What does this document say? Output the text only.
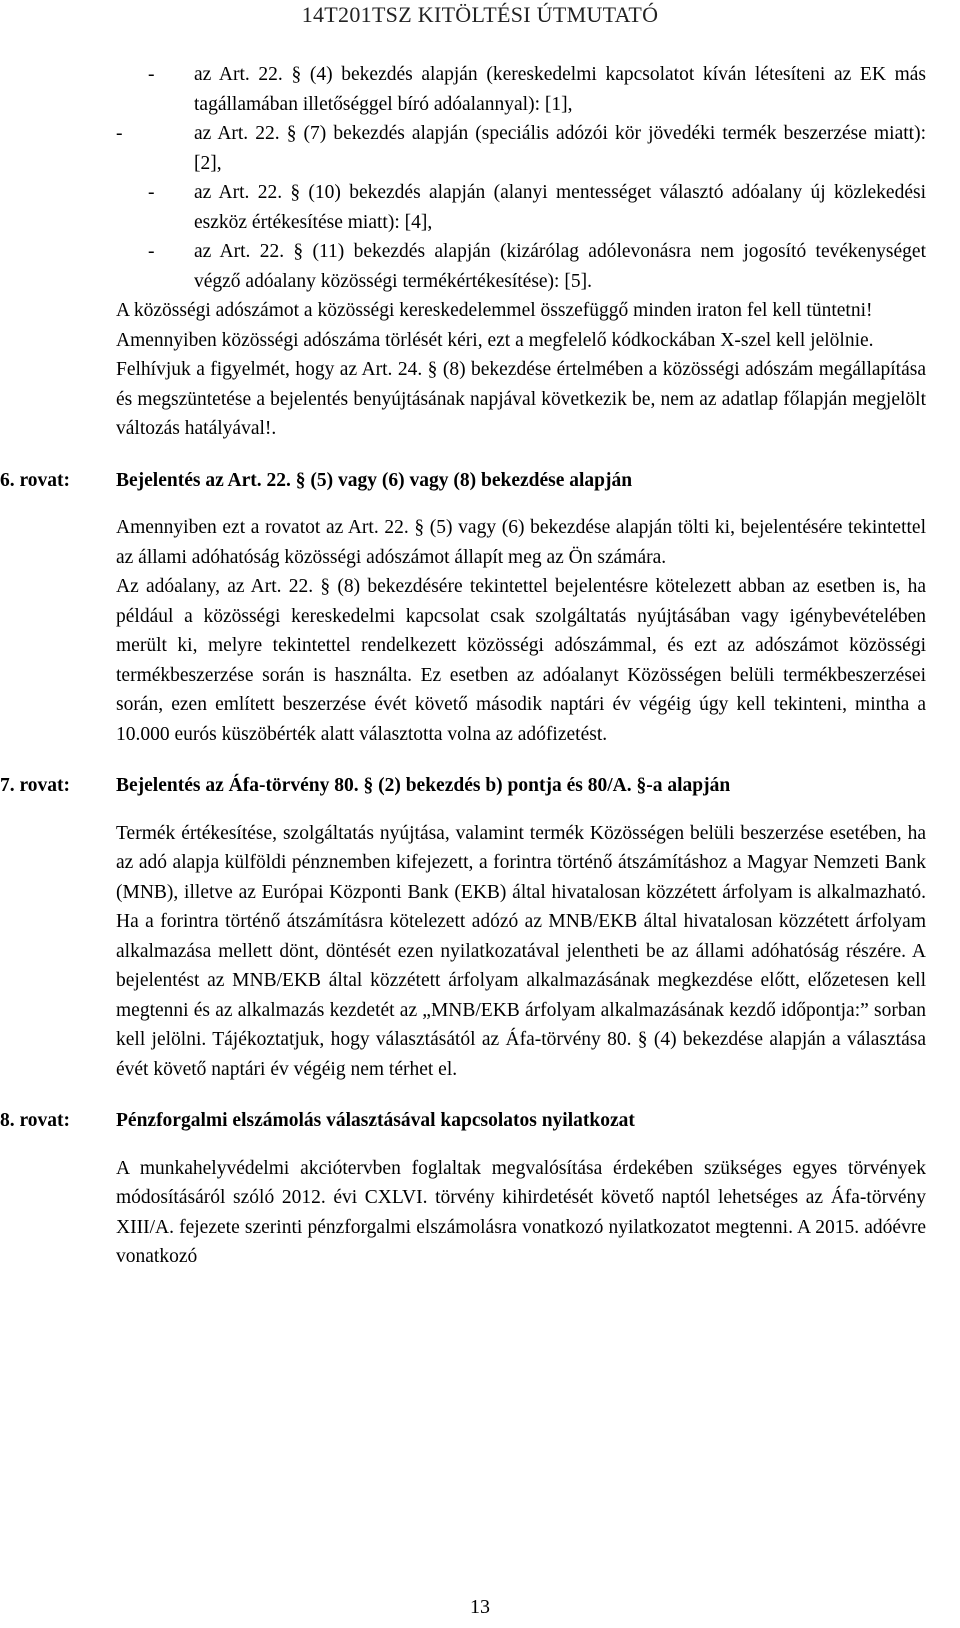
14T201TSZ KITÖLTÉSI ÚTMUTATÓ
- az Art. 22. § (4) bekezdés alapján (kereskedelmi kapcsolatot kíván létesíteni az EK más tagállamában illetőséggel bíró adóalannyal): [1],

-	az Art. 22. § (7) bekezdés alapján (speciális adózói kör jövedéki termék beszerzése miatt): [2],

- az Art. 22. § (10) bekezdés alapján (alanyi mentességet választó adóalany új közlekedési eszköz értékesítése miatt): [4],

- az Art. 22. § (11) bekezdés alapján (kizárólag adólevonásra nem jogosító tevékenységet végző adóalany közösségi termékértékesítése): [5].

A közösségi adószámot a közösségi kereskedelemmel összefüggő minden iraton fel kell tüntetni!

Amennyiben közösségi adószáma törlését kéri, ezt a megfelelő kódkockában X-szel kell jelölnie.

Felhívjuk a figyelmét, hogy az Art. 24. § (8) bekezdése értelmében a közösségi adószám megállapítása és megszüntetése a bejelentés benyújtásának napjával következik be, nem az adatlap főlapján megjelölt változás hatályával!.

6. rovat: Bejelentés az Art. 22. § (5) vagy (6) vagy (8) bekezdése alapján

Amennyiben ezt a rovatot az Art. 22. § (5) vagy (6) bekezdése alapján tölti ki, bejelentésére tekintettel az állami adóhatóság közösségi adószámot állapít meg az Ön számára.

Az adóalany, az Art. 22. § (8) bekezdésére tekintettel bejelentésre kötelezett abban az esetben is, ha például a közösségi kereskedelmi kapcsolat csak szolgáltatás nyújtásában vagy igénybevételében merült ki, melyre tekintettel rendelkezett közösségi adószámmal, és ezt az adószámot közösségi termékbeszerzése során is használta. Ez esetben az adóalanyt Közösségen belüli termékbeszerzései során, ezen említett beszerzése évét követő második naptári év végéig úgy kell tekinteni, mintha a 10.000 eurós küszöbérték alatt választotta volna az adófizetést.

7. rovat: Bejelentés az Áfa-törvény 80. § (2) bekezdés b) pontja és 80/A. §-a alapján

Termék értékesítése, szolgáltatás nyújtása, valamint termék Közösségen belüli beszerzése esetében, ha az adó alapja külföldi pénznemben kifejezett, a forintra történő átszámításhoz a Magyar Nemzeti Bank (MNB), illetve az Európai Központi Bank (EKB) által hivatalosan közzétett árfolyam is alkalmazható. Ha a forintra történő átszámításra kötelezett adózó az MNB/EKB által hivatalosan közzétett árfolyam alkalmazása mellett dönt, döntését ezen nyilatkozatával jelentheti be az állami adóhatóság részére. A bejelentést az MNB/EKB által közzétett árfolyam alkalmazásának megkezdése előtt, előzetesen kell megtenni és az alkalmazás kezdetét az „MNB/EKB árfolyam alkalmazásának kezdő időpontja:” sorban kell jelölni. Tájékoztatjuk, hogy választásától az Áfa-törvény 80. § (4) bekezdése alapján a választása évét követő naptári év végéig nem térhet el.

8. rovat: Pénzforgalmi elszámolás választásával kapcsolatos nyilatkozat

A munkahelyvédelmi akciótervben foglaltak megvalósítása érdekében szükséges egyes törvények módosításáról szóló 2012. évi CXLVI. törvény kihirdetését követő naptól lehetséges az Áfa-törvény XIII/A. fejezete szerinti pénzforgalmi elszámolásra vonatkozó nyilatkozatot megtenni. A 2015. adóévre vonatkozó

13
